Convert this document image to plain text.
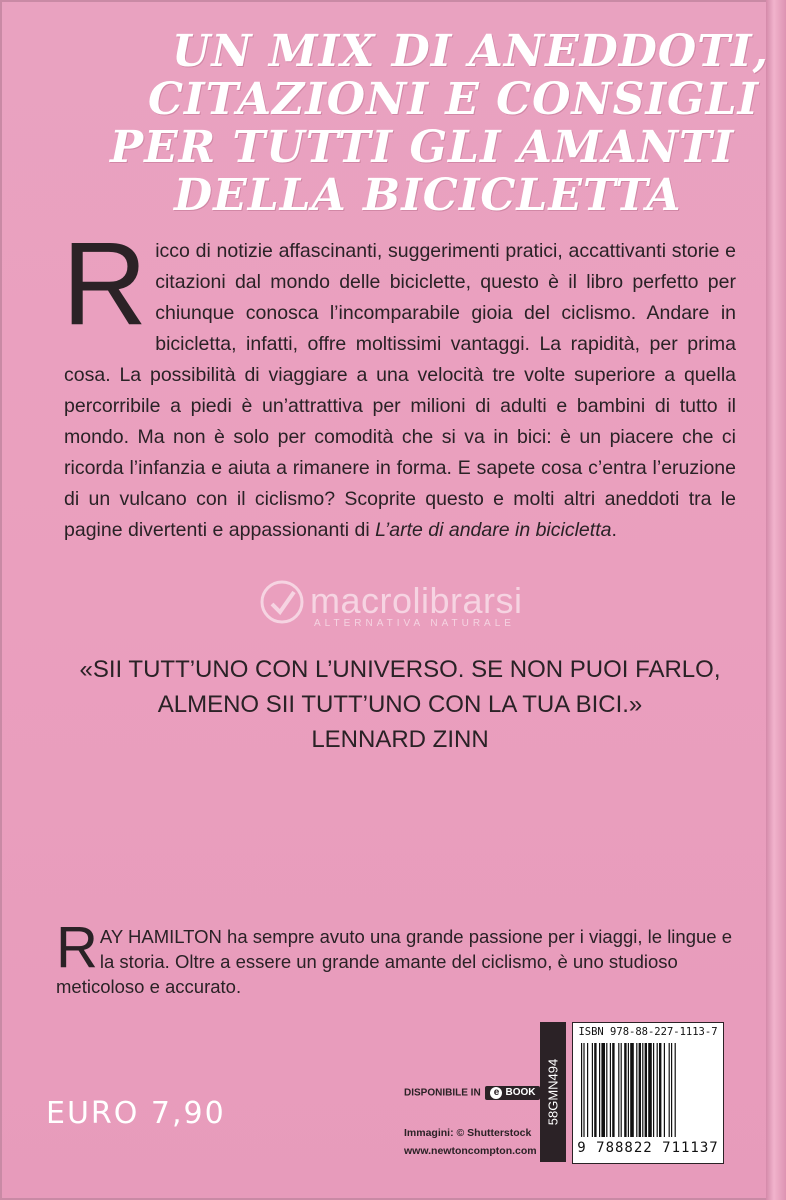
UN MIX DI ANEDDOTI,
CITAZIONI E CONSIGLI
PER TUTTI GLI AMANTI
DELLA BICICLETTA
Ricco di notizie affascinanti, suggerimenti pratici, accattivanti storie e citazioni dal mondo delle biciclette, questo è il libro perfetto per chiunque conosca l’incomparabile gioia del ciclismo. Andare in bicicletta, infatti, offre moltissimi vantaggi. La rapidità, per prima cosa. La possibilità di viaggiare a una velocità tre volte superiore a quella percorribile a piedi è un’attrattiva per milioni di adulti e bambini di tutto il mondo. Ma non è solo per comodità che si va in bici: è un piacere che ci ricorda l’infanzia e aiuta a rimanere in forma. E sapete cosa c’entra l’eruzione di un vulcano con il ciclismo? Scoprite questo e molti altri aneddoti tra le pagine divertenti e appassionanti di L’arte di andare in bicicletta.
macrolibrarsi
ALTERNATIVA NATURALE
«SII TUTT’UNO CON L’UNIVERSO. SE NON PUOI FARLO,
ALMENO SII TUTT’UNO CON LA TUA BICI.»
LENNARD ZINN
RAY HAMILTON ha sempre avuto una grande passione per i viaggi, le lingue e la storia. Oltre a essere un grande amante del ciclismo, è uno studioso meticoloso e accurato.
EURO 7,90	58GMN494
DISPONIBILE IN e BOOK
Immagini: © Shutterstock
www.newtoncompton.com
ISBN 978-88-227-1113-7
9 788822 711137
